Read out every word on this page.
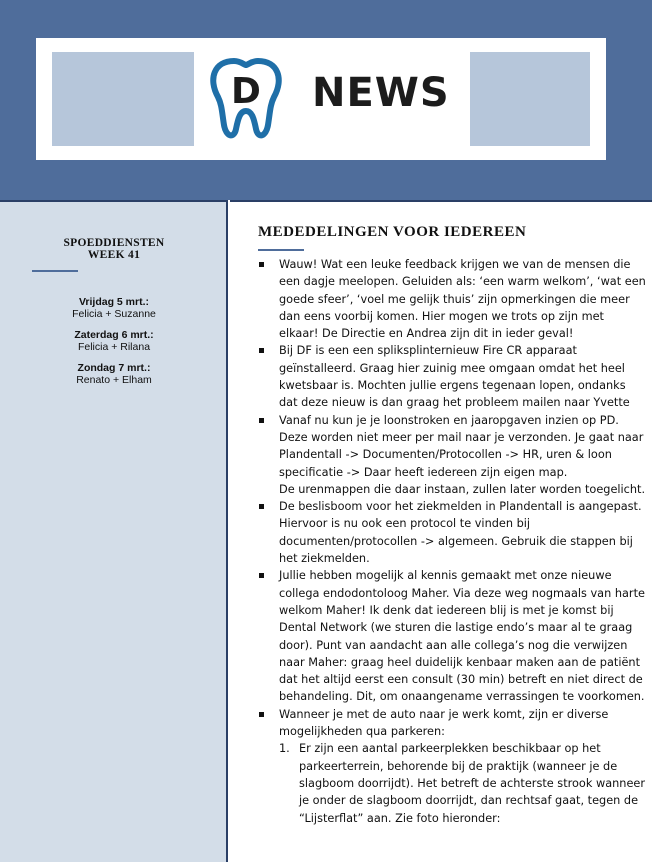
D NEWS
SPOEDDIENSTEN
WEEK 41
Vrijdag 5 mrt.:
Felicia + Suzanne
Zaterdag 6 mrt.:
Felicia + Rilana
Zondag 7 mrt.:
Renato + Elham
MEDEDELINGEN VOOR IEDEREEN
Wauw! Wat een leuke feedback krijgen we van de mensen die een dagje meelopen. Geluiden als: ‘een warm welkom’, ‘wat een goede sfeer’, ‘voel me gelijk thuis’ zijn opmerkingen die meer dan eens voorbij komen. Hier mogen we trots op zijn met elkaar! De Directie en Andrea zijn dit in ieder geval!
Bij DF is een een spliksplinternieuw Fire CR apparaat geïnstalleerd. Graag hier zuinig mee omgaan omdat het heel kwetsbaar is. Mochten jullie ergens tegenaan lopen, ondanks dat deze nieuw is dan graag het probleem mailen naar Yvette
Vanaf nu kun je je loonstroken en jaaropgaven inzien op PD. Deze worden niet meer per mail naar je verzonden. Je gaat naar Plandentall -> Documenten/Protocollen -> HR, uren & loon specificatie -> Daar heeft iedereen zijn eigen map.
De urenmappen die daar instaan, zullen later worden toegelicht.
De beslisboom voor het ziekmelden in Plandentall is aangepast. Hiervoor is nu ook een protocol te vinden bij documenten/protocollen -> algemeen. Gebruik die stappen bij het ziekmelden.
Jullie hebben mogelijk al kennis gemaakt met onze nieuwe collega endodontoloog Maher. Via deze weg nogmaals van harte welkom Maher! Ik denk dat iedereen blij is met je komst bij Dental Network (we sturen die lastige endo’s maar al te graag door). Punt van aandacht aan alle collega’s nog die verwijzen naar Maher: graag heel duidelijk kenbaar maken aan de patiënt dat het altijd eerst een consult (30 min) betreft en niet direct de behandeling. Dit, om onaangename verrassingen te voorkomen.
Wanneer je met de auto naar je werk komt, zijn er diverse mogelijkheden qua parkeren:
1. Er zijn een aantal parkeerplekken beschikbaar op het parkeerterrein, behorende bij de praktijk (wanneer je de slagboom doorrijdt). Het betreft de achterste strook wanneer je onder de slagboom doorrijdt, dan rechtsaf gaat, tegen de “Lijsterflat” aan. Zie foto hieronder:
